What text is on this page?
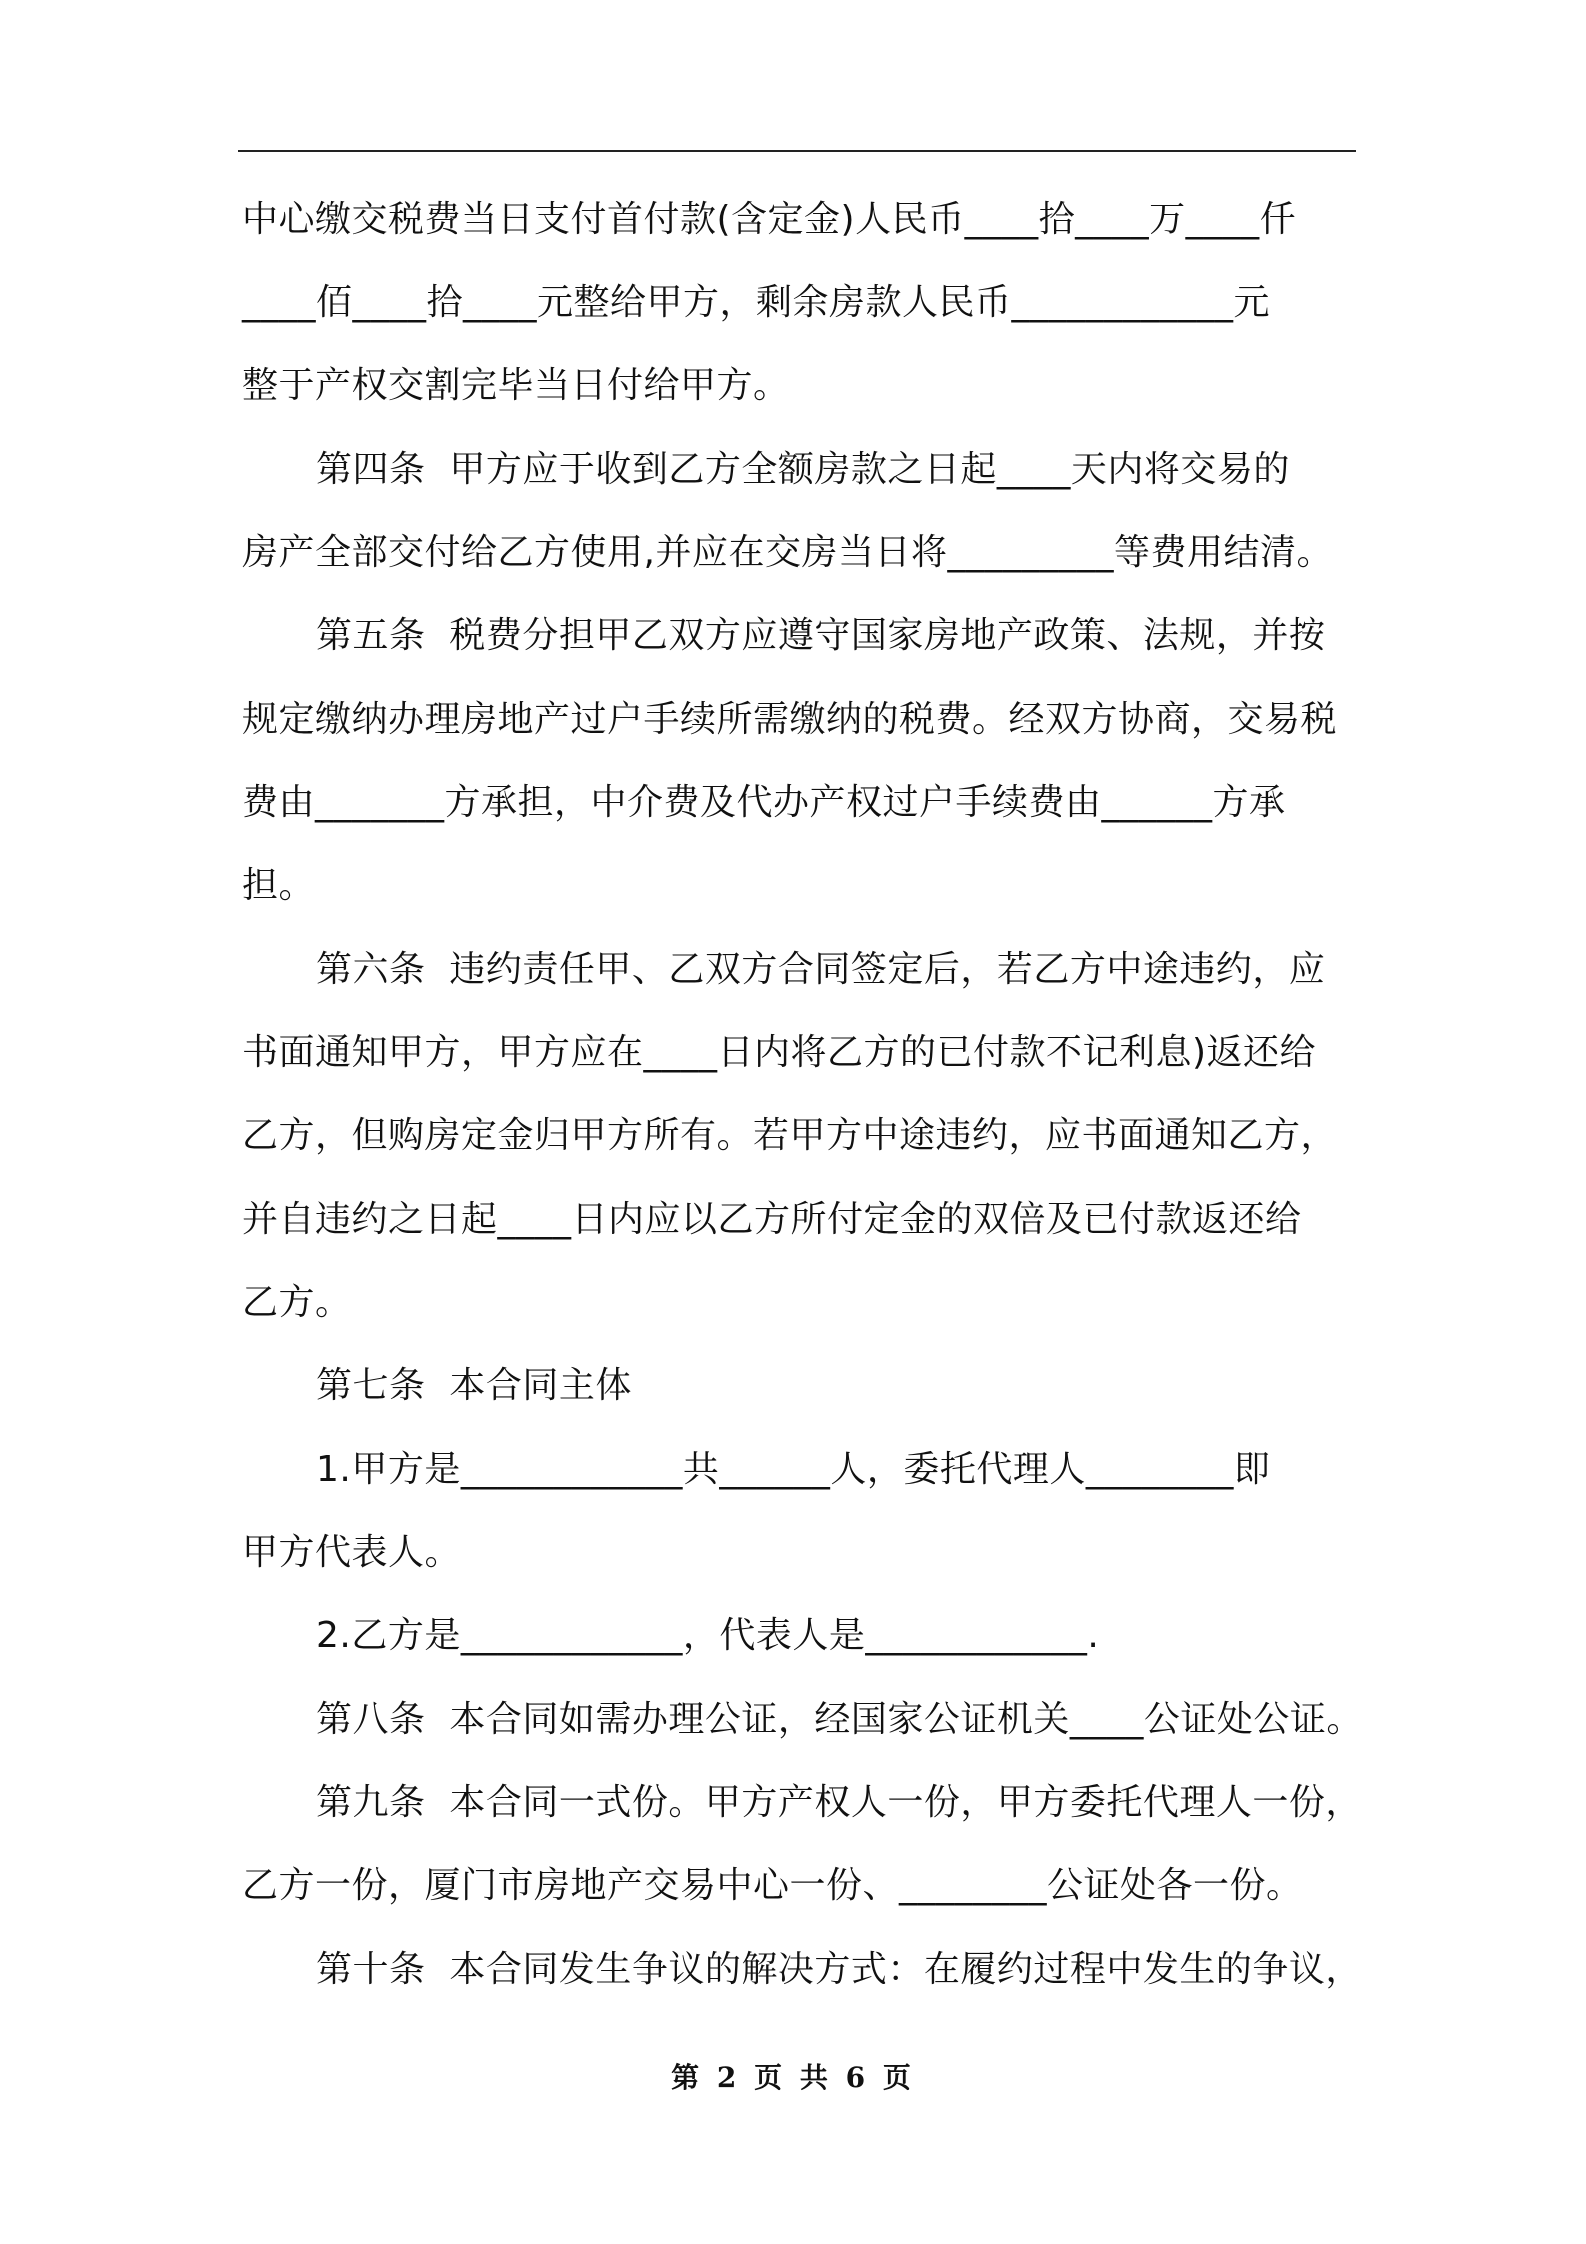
中心缴交税费当日支付首付款(含定金)人民币____拾____万____仟
____佰____拾____元整给甲方，剩余房款人民币____________元
整于产权交割完毕当日付给甲方。
第四条  甲方应于收到乙方全额房款之日起____天内将交易的
房产全部交付给乙方使用,并应在交房当日将_________等费用结清。
第五条  税费分担甲乙双方应遵守国家房地产政策、法规，并按
规定缴纳办理房地产过户手续所需缴纳的税费。经双方协商，交易税
费由_______方承担，中介费及代办产权过户手续费由______方承
担。
第六条  违约责任甲、乙双方合同签定后，若乙方中途违约，应
书面通知甲方，甲方应在____日内将乙方的已付款不记利息)返还给
乙方，但购房定金归甲方所有。若甲方中途违约，应书面通知乙方，
并自违约之日起____日内应以乙方所付定金的双倍及已付款返还给
乙方。
第七条  本合同主体
1.甲方是____________共______人，委托代理人________即
甲方代表人。
2.乙方是____________，代表人是____________.
第八条  本合同如需办理公证，经国家公证机关____公证处公证。
第九条  本合同一式份。甲方产权人一份，甲方委托代理人一份，
乙方一份，厦门市房地产交易中心一份、________公证处各一份。
第十条  本合同发生争议的解决方式：在履约过程中发生的争议，
第 2 页 共 6 页
